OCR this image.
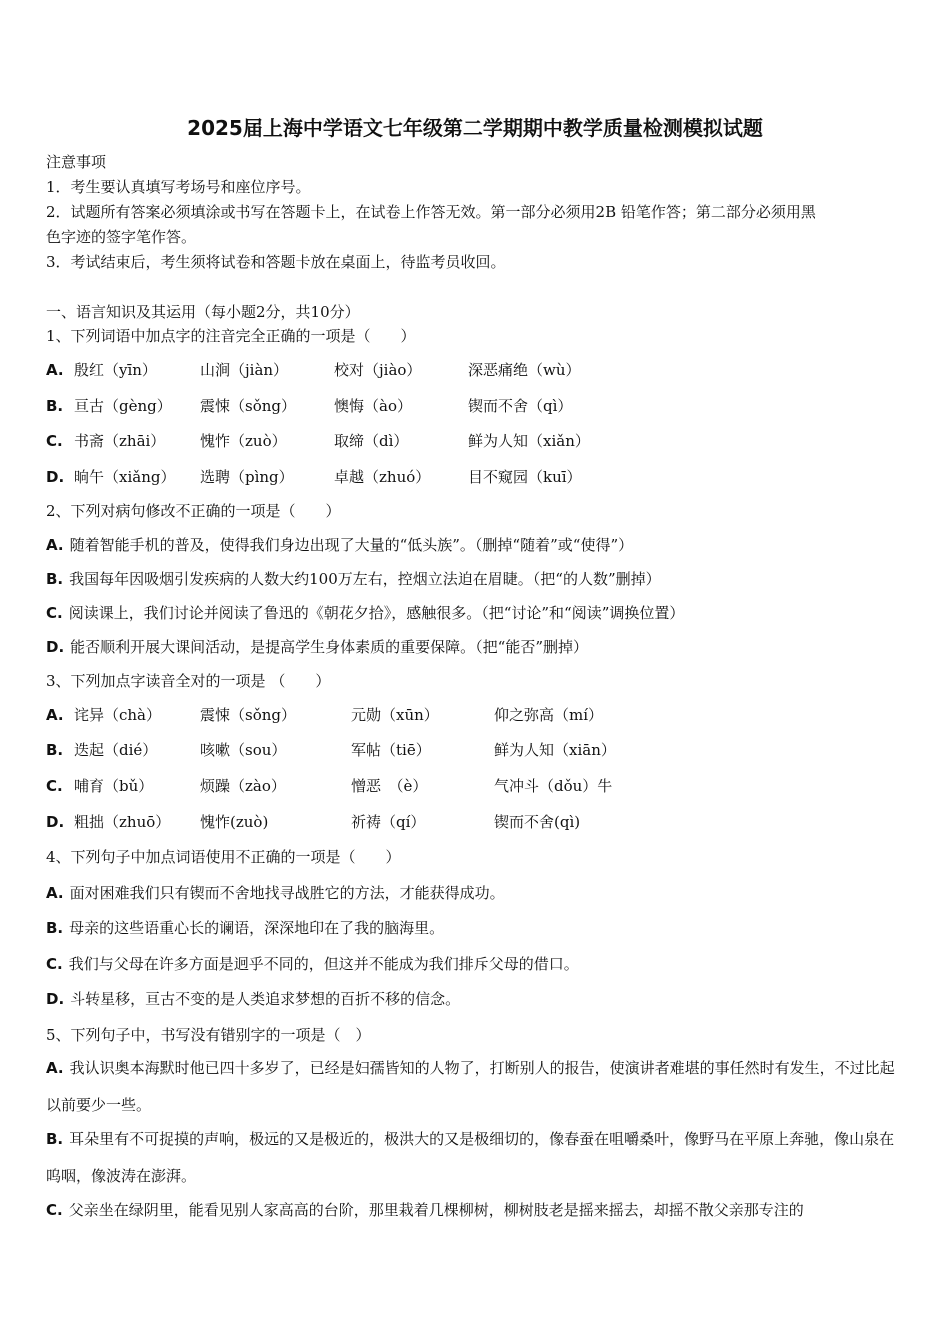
2025届上海中学语文七年级第二学期期中教学质量检测模拟试题
注意事项
1．考生要认真填写考场号和座位序号。
2．试题所有答案必须填涂或书写在答题卡上，在试卷上作答无效。第一部分必须用2B 铅笔作答；第二部分必须用黑
色字迹的签字笔作答。
3．考试结束后，考生须将试卷和答题卡放在桌面上，待监考员收回。
一、语言知识及其运用（每小题2分，共10分）
1、下列词语中加点字的注音完全正确的一项是（　　）
A. 殷红（yīn）	山涧（jiàn）	校对（jiào）	深恶痛绝（wù）
B. 亘古（gèng） 震悚（sǒng）	懊悔（ào）	锲而不舍（qì）
C. 书斋（zhāi） 愧怍（zuò）	取缔（dì）	鲜为人知（xiǎn）
D. 晌午（xiǎng） 选聘（pìng）	卓越（zhuó）	目不窥园（kuī）
2、下列对病句修改不正确的一项是（　　）
A. 随着智能手机的普及，使得我们身边出现了大量的“低头族”。（删掉“随着”或“使得”）
B. 我国每年因吸烟引发疾病的人数大约100万左右，控烟立法迫在眉睫。（把“的人数”删掉）
C. 阅读课上，我们讨论并阅读了鲁迅的《朝花夕拾》，感触很多。（把“讨论”和“阅读”调换位置）
D. 能否顺利开展大课间活动，是提高学生身体素质的重要保障。（把“能否”删掉）
3、下列加点字读音全对的一项是 （　　）
A. 诧异（chà）	震悚（sǒng）	元勋（xūn）	仰之弥高（mí）
B. 迭起（dié）	咳嗽（sou）	军帖（tiē）	鲜为人知（xiān）
C. 哺育（bǔ）	烦躁（zào）	憎恶　（è）	气冲斗（dǒu）牛
D. 粗拙（zhuō） 愧怍(zuò)	祈祷（qí）	锲而不舍(qì)
4、下列句子中加点词语使用不正确的一项是（　　）
A. 面对困难我们只有锲而不舍地找寻战胜它的方法，才能获得成功。
B. 母亲的这些语重心长的谰语，深深地印在了我的脑海里。
C. 我们与父母在许多方面是迥乎不同的，但这并不能成为我们排斥父母的借口。
D. 斗转星移，亘古不变的是人类追求梦想的百折不移的信念。
5、下列句子中，书写没有错别字的一项是（　）
A. 我认识奥本海默时他已四十多岁了，已经是妇孺皆知的人物了，打断别人的报告，使演讲者难堪的事任然时有发生，不过比起以前要少一些。
B. 耳朵里有不可捉摸的声响，极远的又是极近的，极洪大的又是极细切的，像春蚕在咀嚼桑叶，像野马在平原上奔驰，像山泉在呜咽，像波涛在澎湃。
C. 父亲坐在绿阴里，能看见别人家高高的台阶，那里栽着几棵柳树，柳树肢老是摇来摇去，却摇不散父亲那专注的
